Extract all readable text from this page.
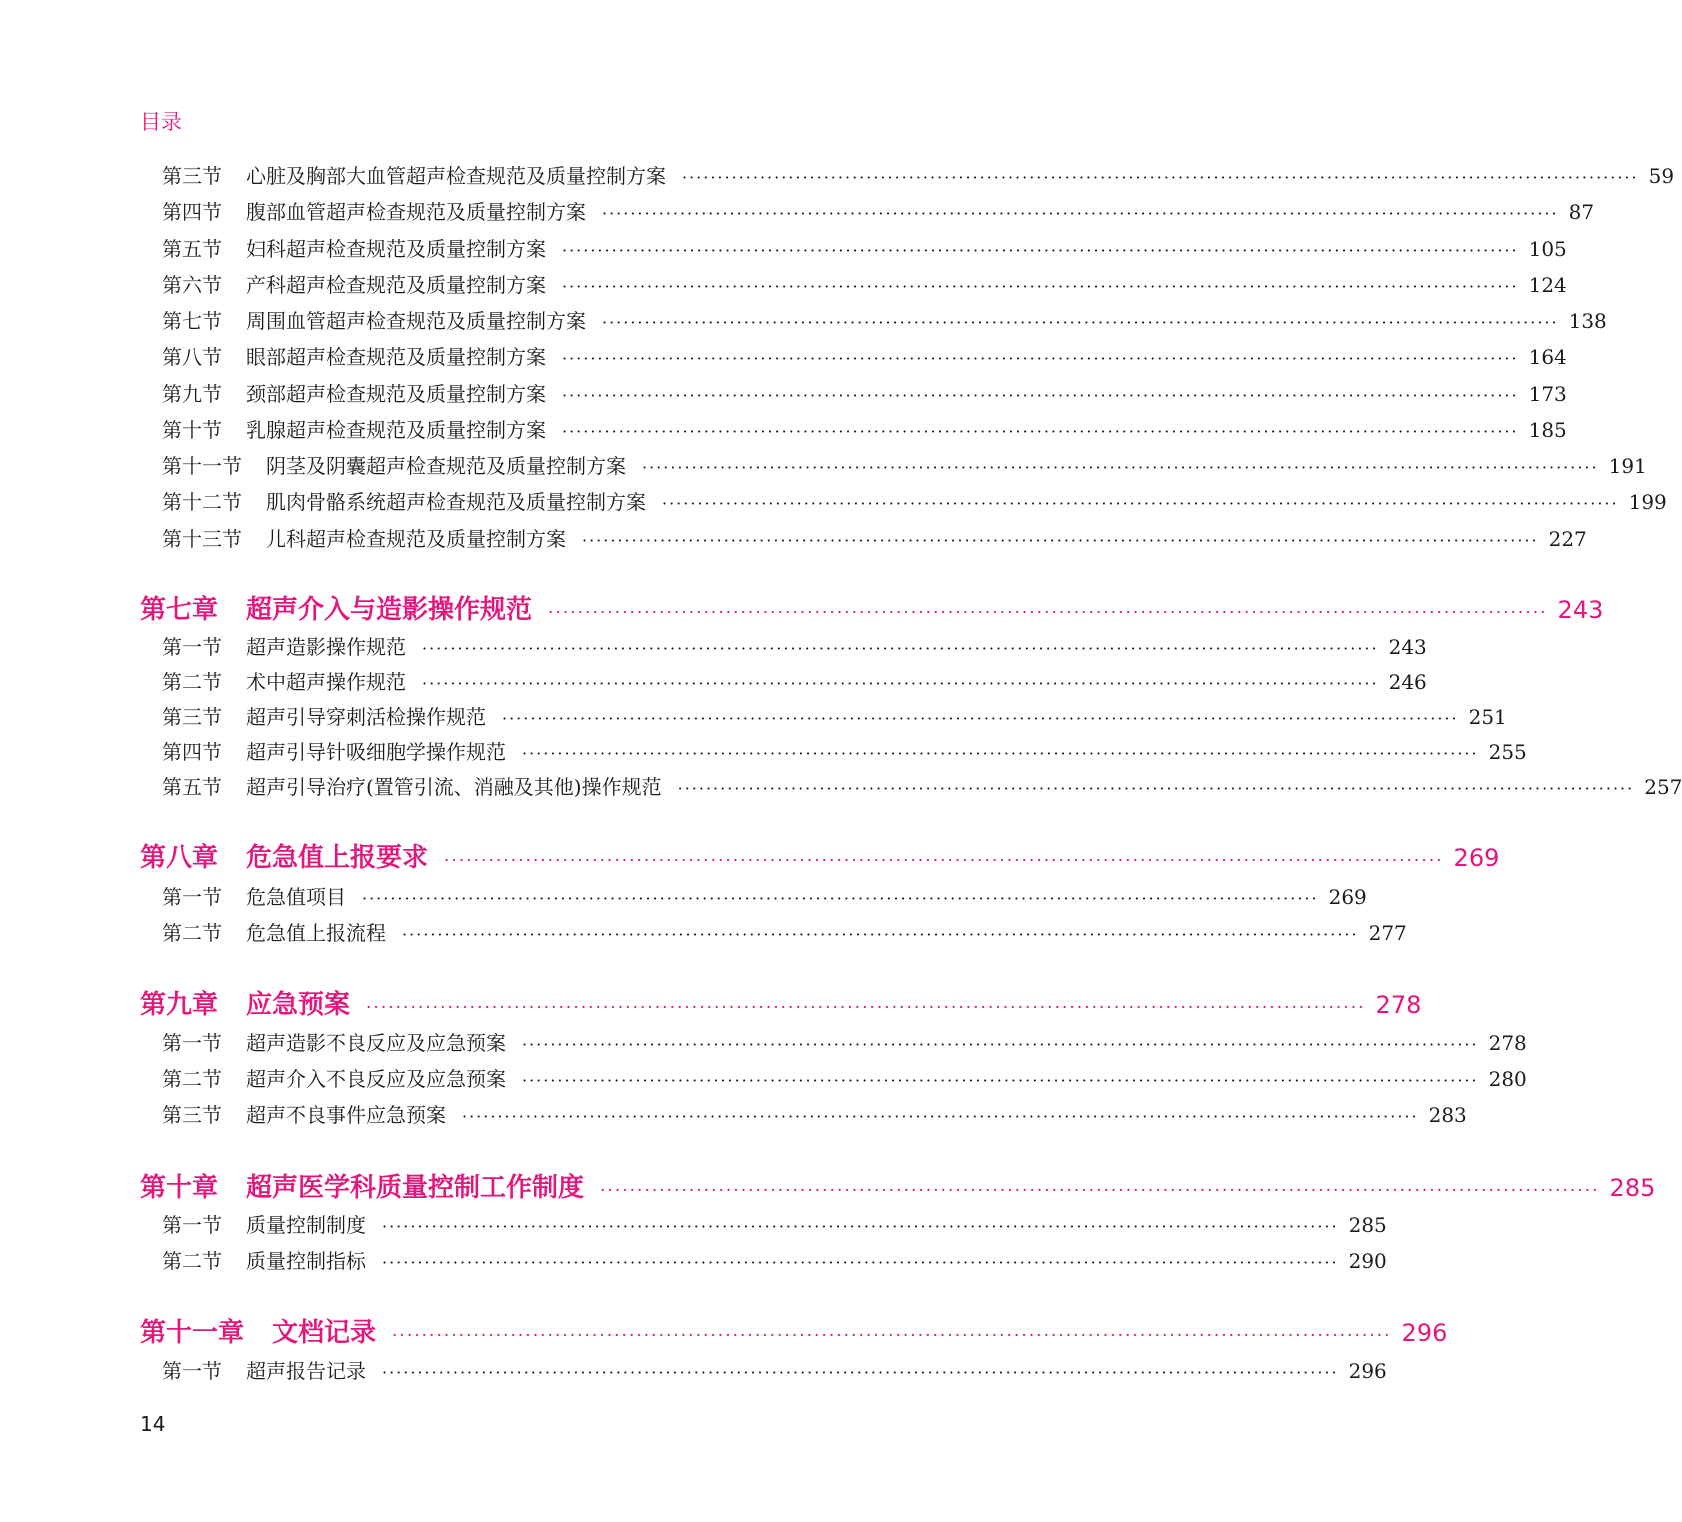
目录
第三节 心脏及胸部大血管超声检查规范及质量控制方案 ······································································································································· 59
第四节 腹部血管超声检查规范及质量控制方案 ······································································································································· 87
第五节 妇科超声检查规范及质量控制方案 ······································································································································· 105
第六节 产科超声检查规范及质量控制方案 ······································································································································· 124
第七节 周围血管超声检查规范及质量控制方案 ······································································································································· 138
第八节 眼部超声检查规范及质量控制方案 ······································································································································· 164
第九节 颈部超声检查规范及质量控制方案 ······································································································································· 173
第十节 乳腺超声检查规范及质量控制方案 ······································································································································· 185
第十一节 阴茎及阴囊超声检查规范及质量控制方案 ······································································································································· 191
第十二节 肌肉骨骼系统超声检查规范及质量控制方案 ······································································································································· 199
第十三节 儿科超声检查规范及质量控制方案 ······································································································································· 227
第七章 超声介入与造影操作规范 ······································································································································· 243
第一节 超声造影操作规范 ······································································································································· 243
第二节 术中超声操作规范 ······································································································································· 246
第三节 超声引导穿刺活检操作规范 ······································································································································· 251
第四节 超声引导针吸细胞学操作规范 ······································································································································· 255
第五节 超声引导治疗(置管引流、消融及其他)操作规范 ······································································································································· 257
第八章 危急值上报要求 ······································································································································· 269
第一节 危急值项目 ······································································································································· 269
第二节 危急值上报流程 ······································································································································· 277
第九章 应急预案 ······································································································································· 278
第一节 超声造影不良反应及应急预案 ······································································································································· 278
第二节 超声介入不良反应及应急预案 ······································································································································· 280
第三节 超声不良事件应急预案 ······································································································································· 283
第十章 超声医学科质量控制工作制度 ······································································································································· 285
第一节 质量控制制度 ······································································································································· 285
第二节 质量控制指标 ······································································································································· 290
第十一章 文档记录 ······································································································································· 296
第一节 超声报告记录 ······································································································································· 296
14
